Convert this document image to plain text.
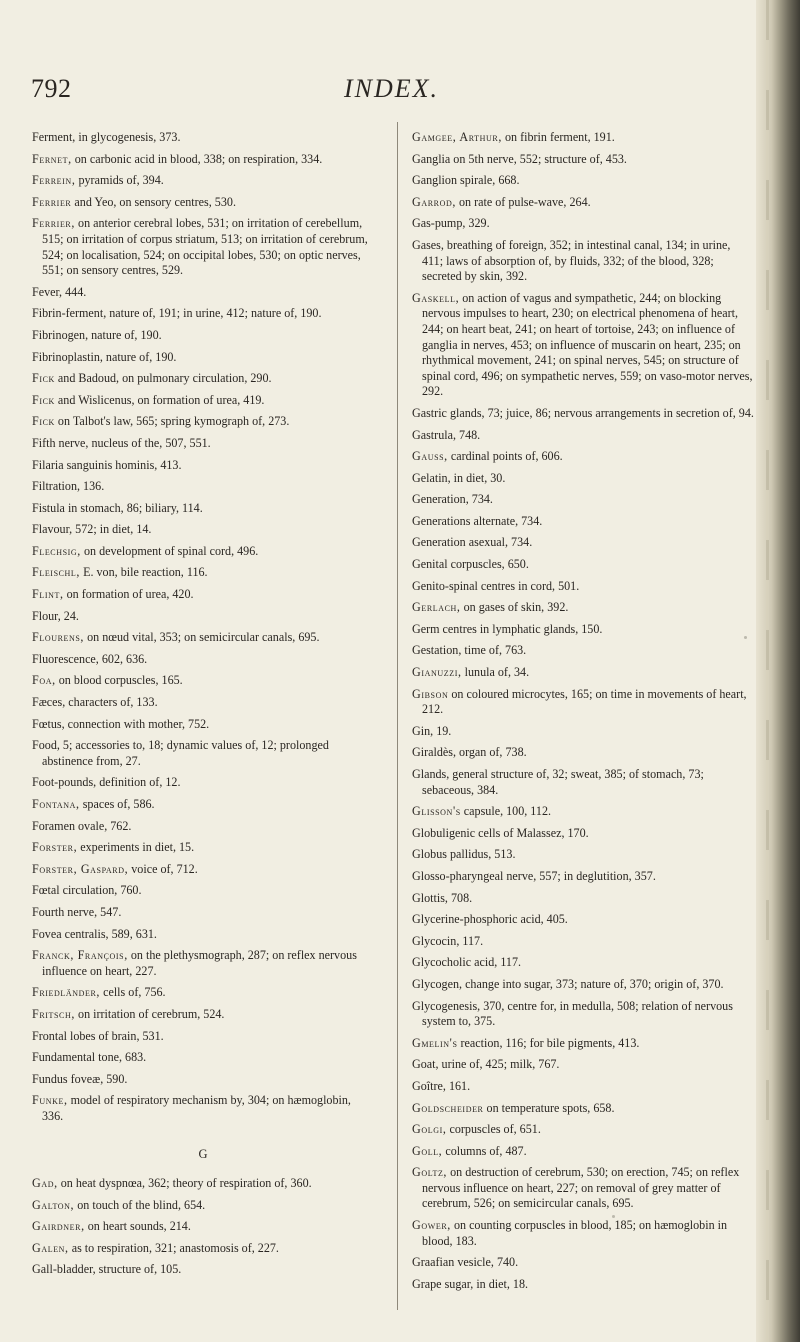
792	INDEX.

Ferment, in glycogenesis, 373.

Fernet, on carbonic acid in blood, 338; on respiration, 334.

Ferrein, pyramids of, 394.

Ferrier and Yeo, on sensory centres, 530.

Ferrier, on anterior cerebral lobes, 531; on irritation of cerebellum, 515; on irritation of corpus striatum, 513; on irritation of cerebrum, 524; on localisation, 524; on occipital lobes, 530; on optic nerves, 551; on sensory centres, 529.

Fever, 444.

Fibrin-ferment, nature of, 191; in urine, 412; nature of, 190.

Fibrinogen, nature of, 190.

Fibrinoplastin, nature of, 190.

Fick and Badoud, on pulmonary circulation, 290.

Fick and Wislicenus, on formation of urea, 419.

Fick on Talbot's law, 565; spring kymograph of, 273.

Fifth nerve, nucleus of the, 507, 551.

Filaria sanguinis hominis, 413.

Filtration, 136.

Fistula in stomach, 86; biliary, 114.

Flavour, 572; in diet, 14.

Flechsig, on development of spinal cord, 496.

Fleischl, E. von, bile reaction, 116.

Flint, on formation of urea, 420.

Flour, 24.

Flourens, on nœud vital, 353; on semicircular canals, 695.

Fluorescence, 602, 636.

Foa, on blood corpuscles, 165.

Fæces, characters of, 133.

Fœtus, connection with mother, 752.

Food, 5; accessories to, 18; dynamic values of, 12; prolonged abstinence from, 27.

Foot-pounds, definition of, 12.

Fontana, spaces of, 586.

Foramen ovale, 762.

Forster, experiments in diet, 15.

Forster, Gaspard, voice of, 712.

Fœtal circulation, 760.

Fourth nerve, 547.

Fovea centralis, 589, 631.

Franck, François, on the plethysmograph, 287; on reflex nervous influence on heart, 227.

Friedländer, cells of, 756.

Fritsch, on irritation of cerebrum, 524.

Frontal lobes of brain, 531.

Fundamental tone, 683.

Fundus foveæ, 590.

Funke, model of respiratory mechanism by, 304; on hæmoglobin, 336.

G

Gad, on heat dyspnœa, 362; theory of respiration of, 360.

Galton, on touch of the blind, 654.

Gairdner, on heart sounds, 214.

Galen, as to respiration, 321; anastomosis of, 227.

Gall-bladder, structure of, 105.

Gamgee, Arthur, on fibrin ferment, 191.

Ganglia on 5th nerve, 552; structure of, 453.

Ganglion spirale, 668.

Garrod, on rate of pulse-wave, 264.

Gas-pump, 329.

Gases, breathing of foreign, 352; in intestinal canal, 134; in urine, 411; laws of absorption of, by fluids, 332; of the blood, 328; secreted by skin, 392.

Gaskell, on action of vagus and sympathetic, 244; on blocking nervous impulses to heart, 230; on electrical phenomena of heart, 244; on heart beat, 241; on heart of tortoise, 243; on influence of ganglia in nerves, 453; on influence of muscarin on heart, 235; on rhythmical movement, 241; on spinal nerves, 545; on structure of spinal cord, 496; on sympathetic nerves, 559; on vaso-motor nerves, 292.

Gastric glands, 73; juice, 86; nervous arrangements in secretion of, 94.

Gastrula, 748.

Gauss, cardinal points of, 606.

Gelatin, in diet, 30.

Generation, 734.

Generations alternate, 734.

Generation asexual, 734.

Genital corpuscles, 650.

Genito-spinal centres in cord, 501.

Gerlach, on gases of skin, 392.

Germ centres in lymphatic glands, 150.

Gestation, time of, 763.

Gianuzzi, lunula of, 34.

Gibson on coloured microcytes, 165; on time in movements of heart, 212.

Gin, 19.

Giraldès, organ of, 738.

Glands, general structure of, 32; sweat, 385; of stomach, 73; sebaceous, 384.

Glisson's capsule, 100, 112.

Globuligenic cells of Malassez, 170.

Globus pallidus, 513.

Glosso-pharyngeal nerve, 557; in deglutition, 357.

Glottis, 708.

Glycerine-phosphoric acid, 405.

Glycocin, 117.

Glycocholic acid, 117.

Glycogen, change into sugar, 373; nature of, 370; origin of, 370.

Glycogenesis, 370, centre for, in medulla, 508; relation of nervous system to, 375.

Gmelin's reaction, 116; for bile pigments, 413.

Goat, urine of, 425; milk, 767.

Goître, 161.

Goldscheider on temperature spots, 658.

Golgi, corpuscles of, 651.

Goll, columns of, 487.

Goltz, on destruction of cerebrum, 530; on erection, 745; on reflex nervous influence on heart, 227; on removal of grey matter of cerebrum, 526; on semicircular canals, 695.

Gower, on counting corpuscles in blood, 185; on hæmoglobin in blood, 183.

Graafian vesicle, 740.

Grape sugar, in diet, 18.
